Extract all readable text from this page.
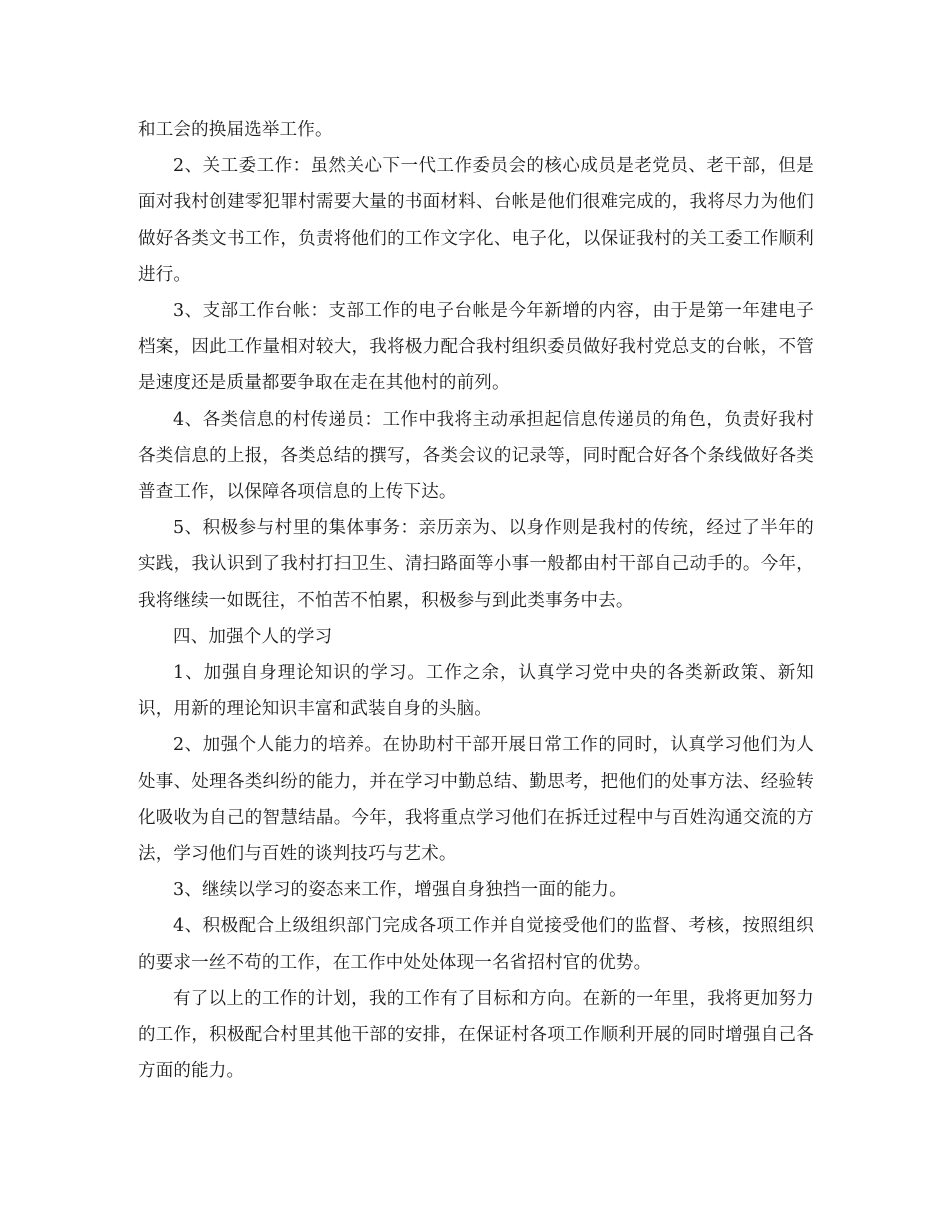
和工会的换届选举工作。

2、关工委工作：虽然关心下一代工作委员会的核心成员是老党员、老干部，但是面对我村创建零犯罪村需要大量的书面材料、台帐是他们很难完成的，我将尽力为他们做好各类文书工作，负责将他们的工作文字化、电子化，以保证我村的关工委工作顺利进行。

3、支部工作台帐：支部工作的电子台帐是今年新增的内容，由于是第一年建电子档案，因此工作量相对较大，我将极力配合我村组织委员做好我村党总支的台帐，不管是速度还是质量都要争取在走在其他村的前列。

4、各类信息的村传递员：工作中我将主动承担起信息传递员的角色，负责好我村各类信息的上报，各类总结的撰写，各类会议的记录等，同时配合好各个条线做好各类普查工作，以保障各项信息的上传下达。

5、积极参与村里的集体事务：亲历亲为、以身作则是我村的传统，经过了半年的实践，我认识到了我村打扫卫生、清扫路面等小事一般都由村干部自己动手的。今年，我将继续一如既往，不怕苦不怕累，积极参与到此类事务中去。

四、加强个人的学习

1、加强自身理论知识的学习。工作之余，认真学习党中央的各类新政策、新知识，用新的理论知识丰富和武装自身的头脑。

2、加强个人能力的培养。在协助村干部开展日常工作的同时，认真学习他们为人处事、处理各类纠纷的能力，并在学习中勤总结、勤思考，把他们的处事方法、经验转化吸收为自己的智慧结晶。今年，我将重点学习他们在拆迁过程中与百姓沟通交流的方法，学习他们与百姓的谈判技巧与艺术。

3、继续以学习的姿态来工作，增强自身独挡一面的能力。

4、积极配合上级组织部门完成各项工作并自觉接受他们的监督、考核，按照组织的要求一丝不苟的工作，在工作中处处体现一名省招村官的优势。

有了以上的工作的计划，我的工作有了目标和方向。在新的一年里，我将更加努力的工作，积极配合村里其他干部的安排，在保证村各项工作顺利开展的同时增强自己各方面的能力。
